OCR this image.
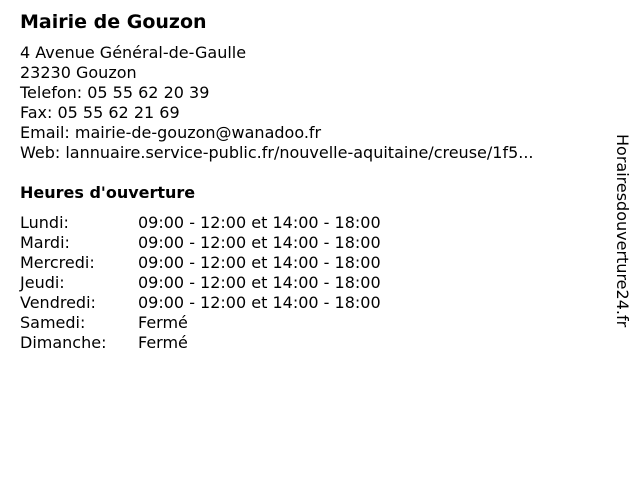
Mairie de Gouzon
4 Avenue Général-de-Gaulle
23230 Gouzon
Telefon: 05 55 62 20 39
Fax: 05 55 62 21 69
Email: mairie-de-gouzon@wanadoo.fr
Web: lannuaire.service-public.fr/nouvelle-aquitaine/creuse/1f5...
Heures d'ouverture
Lundi:	09:00 - 12:00 et 14:00 - 18:00
Mardi:	09:00 - 12:00 et 14:00 - 18:00
Mercredi:	09:00 - 12:00 et 14:00 - 18:00
Jeudi:	09:00 - 12:00 et 14:00 - 18:00
Vendredi:	09:00 - 12:00 et 14:00 - 18:00
Samedi:	Fermé
Dimanche: Fermé
Horairesdouverture24.fr
